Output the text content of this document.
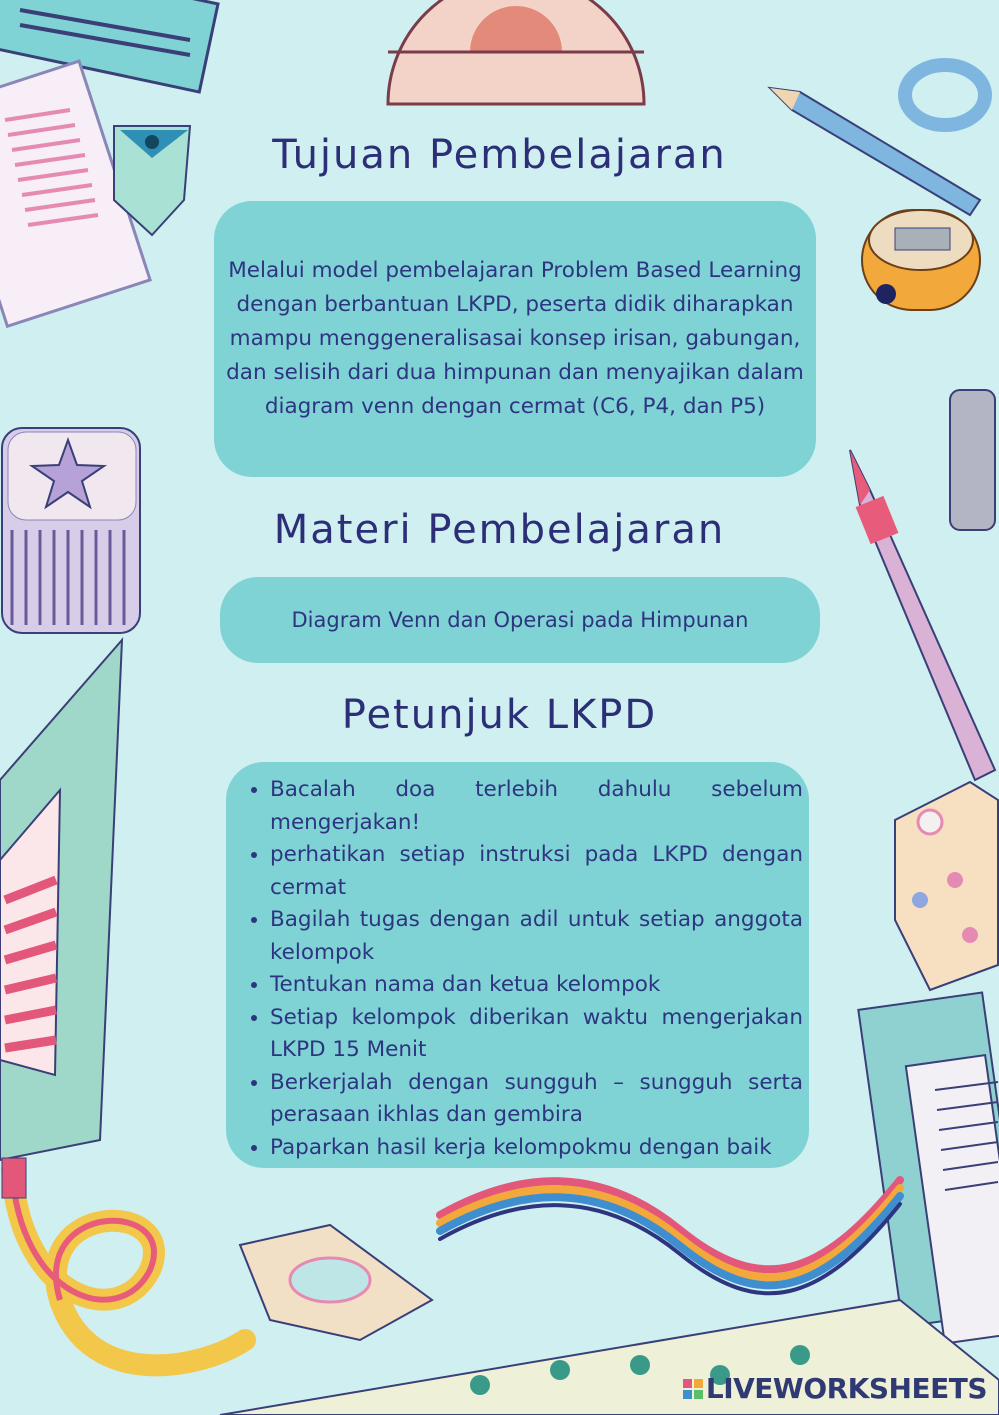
Tujuan Pembelajaran
Melalui model pembelajaran Problem Based Learning dengan berbantuan LKPD, peserta didik diharapkan mampu menggeneralisasai konsep irisan, gabungan, dan selisih dari dua himpunan dan menyajikan dalam diagram venn dengan cermat (C6, P4, dan P5)
Materi Pembelajaran
Diagram Venn dan Operasi pada Himpunan
Petunjuk LKPD
• Bacalah doa terlebih dahulu sebelum mengerjakan!
• perhatikan setiap instruksi pada LKPD dengan cermat
• Bagilah tugas dengan adil untuk setiap anggota kelompok
• Tentukan nama dan ketua kelompok
• Setiap kelompok diberikan waktu mengerjakan LKPD 15 Menit
• Berkerjalah dengan sungguh – sungguh serta perasaan ikhlas dan gembira
• Paparkan hasil kerja kelompokmu dengan baik
LIVEWORKSHEETS
